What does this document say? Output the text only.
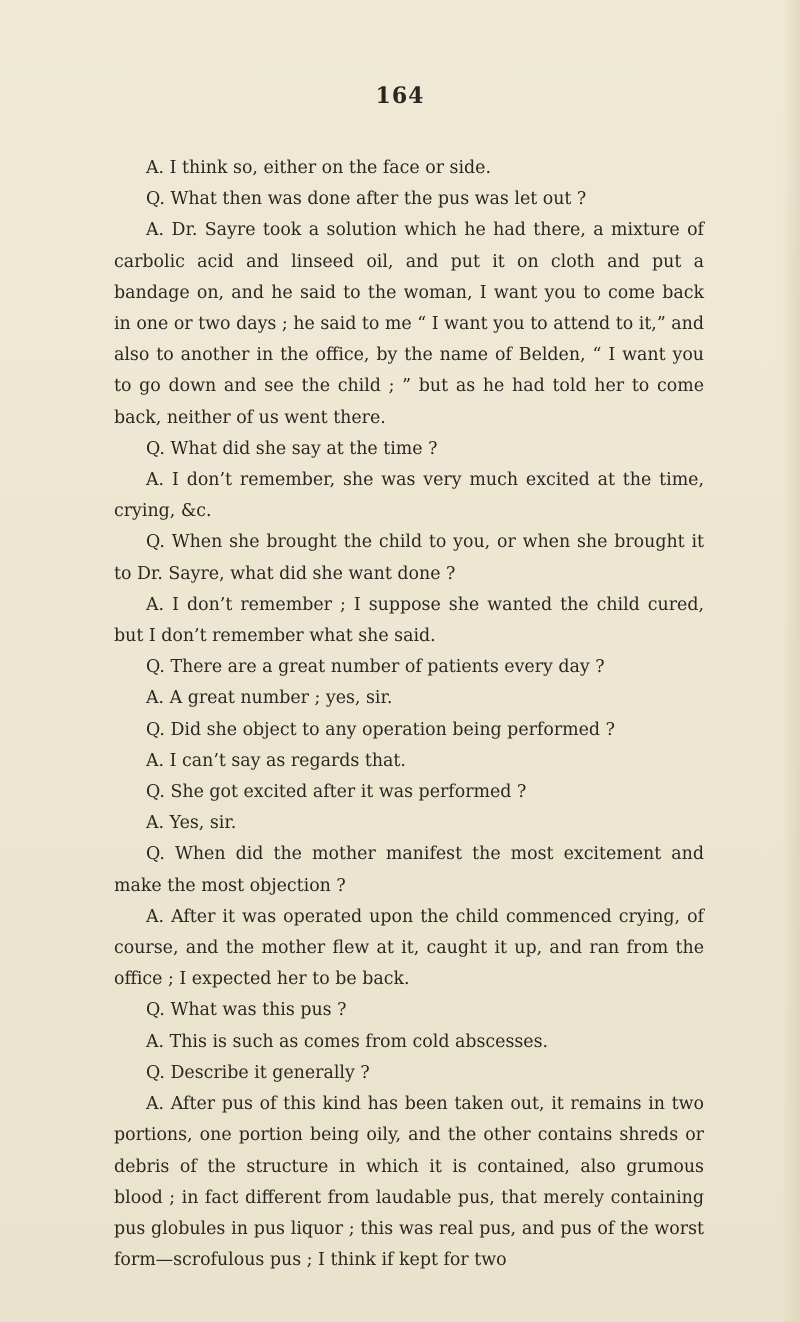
164

A. I think so, either on the face or side.

Q. What then was done after the pus was let out ?

A. Dr. Sayre took a solution which he had there, a mixture of carbolic acid and linseed oil, and put it on cloth and put a bandage on, and he said to the woman, I want you to come back in one or two days ; he said to me “ I want you to attend to it,” and also to another in the office, by the name of Belden, “ I want you to go down and see the child ; ” but as he had told her to come back, neither of us went there.

Q. What did she say at the time ?

A. I don’t remember, she was very much excited at the time, crying, &c.

Q. When she brought the child to you, or when she brought it to Dr. Sayre, what did she want done ?

A. I don’t remember ; I suppose she wanted the child cured, but I don’t remember what she said.

Q. There are a great number of patients every day ?

A. A great number ; yes, sir.

Q. Did she object to any operation being performed ?

A. I can’t say as regards that.

Q. She got excited after it was performed ?

A. Yes, sir.

Q. When did the mother manifest the most excitement and make the most objection ?

A. After it was operated upon the child commenced crying, of course, and the mother flew at it, caught it up, and ran from the office ; I expected her to be back.

Q. What was this pus ?

A. This is such as comes from cold abscesses.

Q. Describe it generally ?

A. After pus of this kind has been taken out, it remains in two portions, one portion being oily, and the other contains shreds or debris of the structure in which it is contained, also grumous blood ; in fact different from laudable pus, that merely containing pus globules in pus liquor ; this was real pus, and pus of the worst form—scrofulous pus ; I think if kept for two
